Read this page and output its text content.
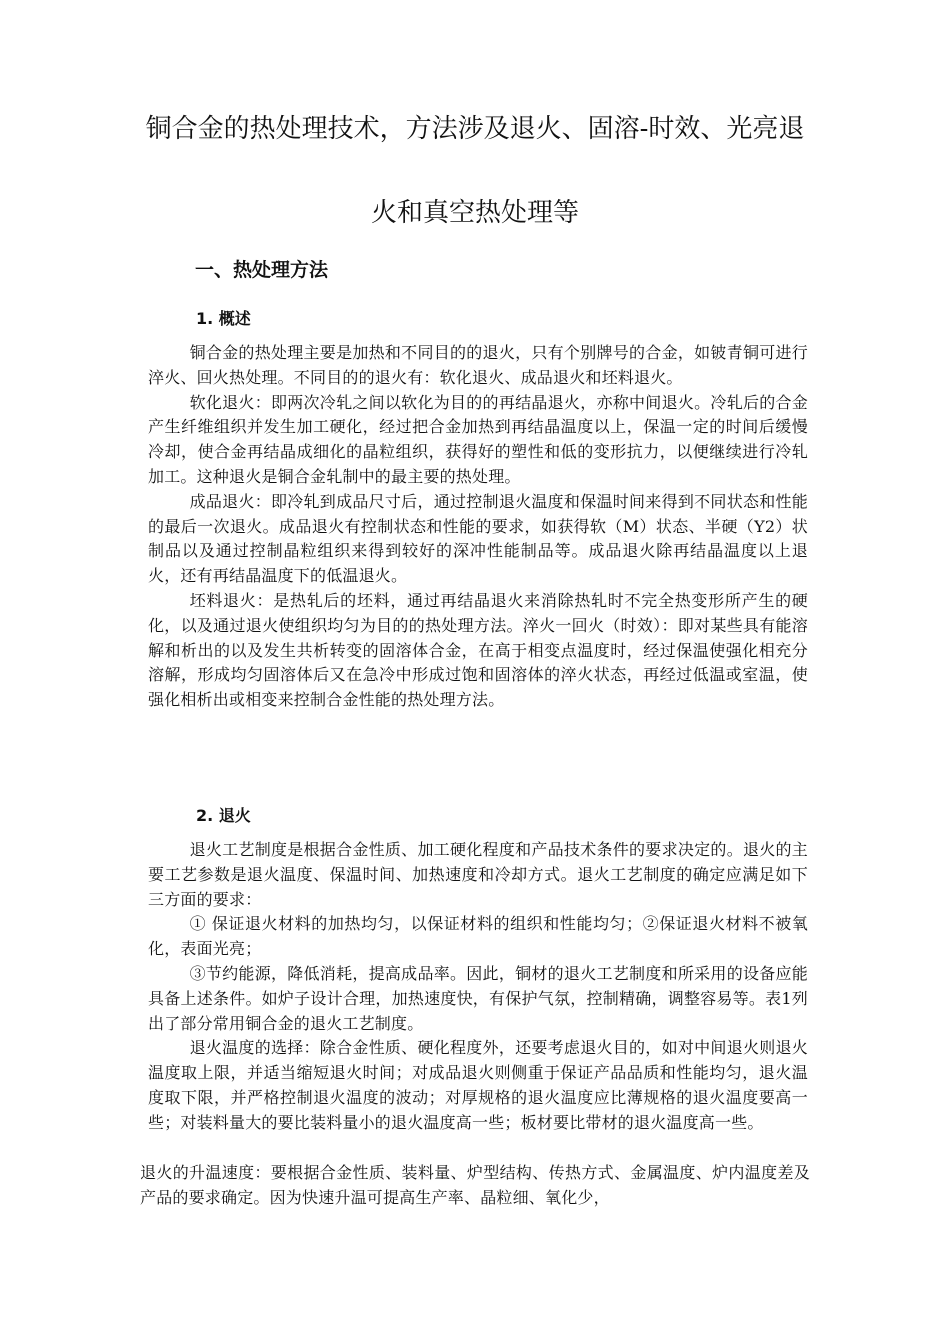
铜合金的热处理技术，方法涉及退火、固溶-时效、光亮退
火和真空热处理等
一、热处理方法
1. 概述

铜合金的热处理主要是加热和不同目的的退火，只有个别牌号的合金，如铍青铜可进行淬火、回火热处理。不同目的的退火有：软化退火、成品退火和坯料退火。

软化退火：即两次冷轧之间以软化为目的的再结晶退火，亦称中间退火。冷轧后的合金产生纤维组织并发生加工硬化，经过把合金加热到再结晶温度以上，保温一定的时间后缓慢冷却，使合金再结晶成细化的晶粒组织，获得好的塑性和低的变形抗力，以便继续进行冷轧加工。这种退火是铜合金轧制中的最主要的热处理。

成品退火：即冷轧到成品尺寸后，通过控制退火温度和保温时间来得到不同状态和性能的最后一次退火。成品退火有控制状态和性能的要求，如获得软（M）状态、半硬（Y2）状制品以及通过控制晶粒组织来得到较好的深冲性能制品等。成品退火除再结晶温度以上退火，还有再结晶温度下的低温退火。

坯料退火：是热轧后的坯料，通过再结晶退火来消除热轧时不完全热变形所产生的硬化，以及通过退火使组织均匀为目的的热处理方法。淬火一回火（时效）：即对某些具有能溶解和析出的以及发生共析转变的固溶体合金，在高于相变点温度时，经过保温使强化相充分溶解，形成均匀固溶体后又在急冷中形成过饱和固溶体的淬火状态，再经过低温或室温，使强化相析出或相变来控制合金性能的热处理方法。

2. 退火

退火工艺制度是根据合金性质、加工硬化程度和产品技术条件的要求决定的。退火的主要工艺参数是退火温度、保温时间、加热速度和冷却方式。退火工艺制度的确定应满足如下三方面的要求：

① 保证退火材料的加热均匀，以保证材料的组织和性能均匀；②保证退火材料不被氧化，表面光亮；

③节约能源，降低消耗，提高成品率。因此，铜材的退火工艺制度和所采用的设备应能具备上述条件。如炉子设计合理，加热速度快，有保护气氛，控制精确，调整容易等。表1列出了部分常用铜合金的退火工艺制度。

退火温度的选择：除合金性质、硬化程度外，还要考虑退火目的，如对中间退火则退火温度取上限，并适当缩短退火时间；对成品退火则侧重于保证产品品质和性能均匀，退火温度取下限，并严格控制退火温度的波动；对厚规格的退火温度应比薄规格的退火温度要高一些；对装料量大的要比装料量小的退火温度高一些；板材要比带材的退火温度高一些。

退火的升温速度：要根据合金性质、装料量、炉型结构、传热方式、金属温度、炉内温度差及产品的要求确定。因为快速升温可提高生产率、晶粒细、氧化少，
